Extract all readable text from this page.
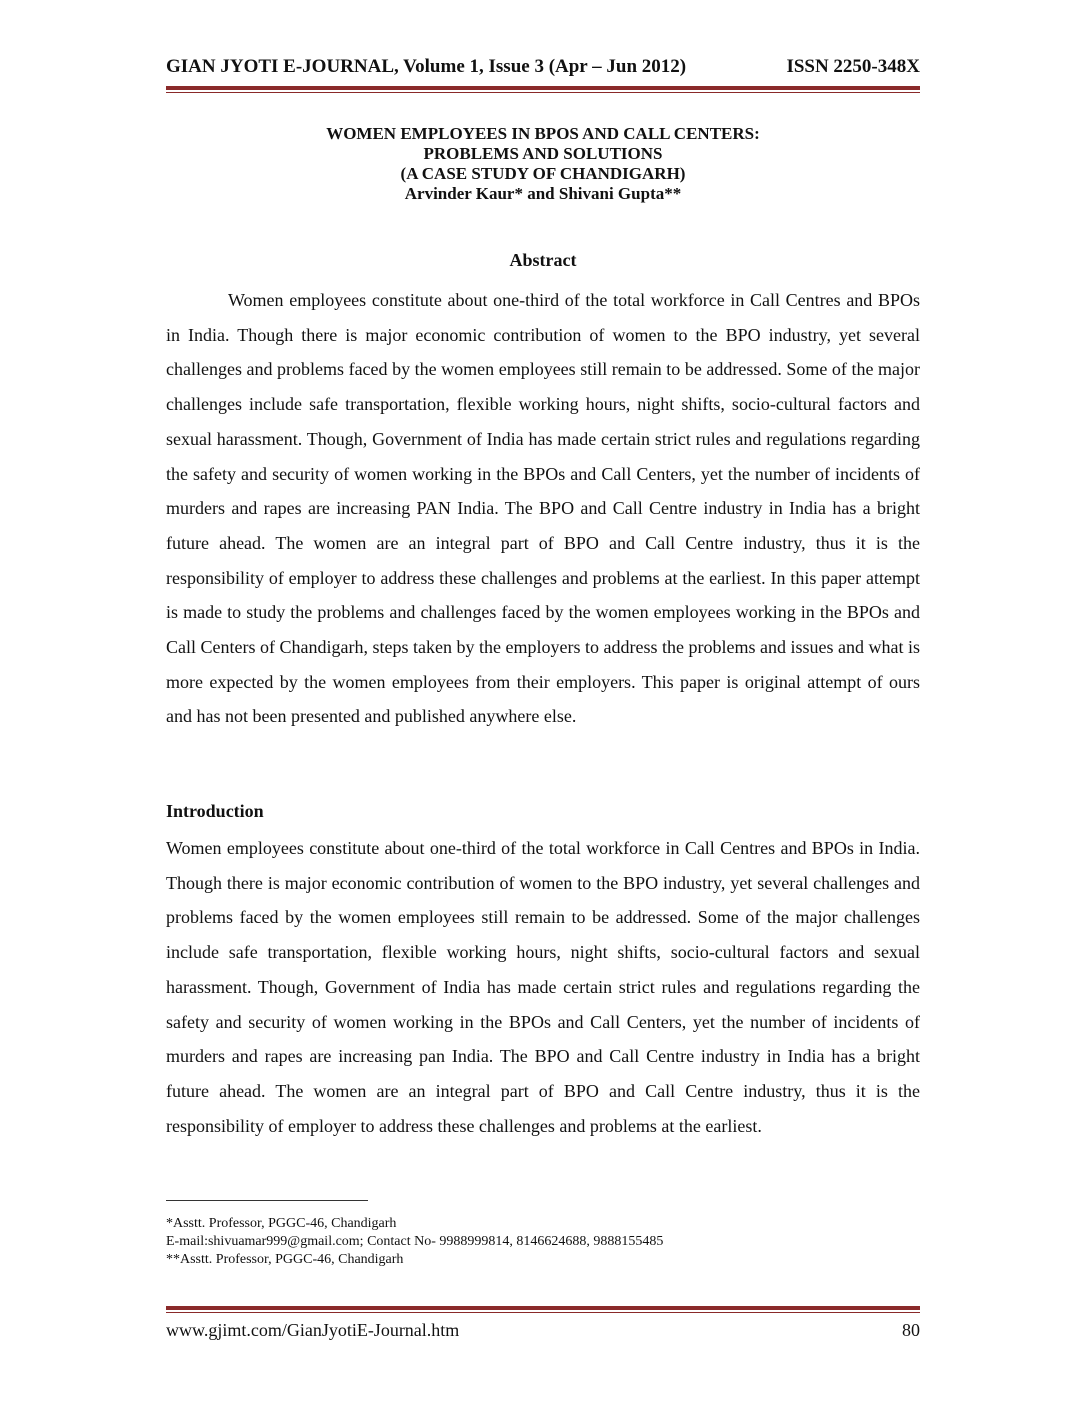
GIAN JYOTI E-JOURNAL, Volume 1, Issue 3 (Apr – Jun 2012)	ISSN 2250-348X
WOMEN EMPLOYEES IN BPOS AND CALL CENTERS:
PROBLEMS AND SOLUTIONS
(A CASE STUDY OF CHANDIGARH)
Arvinder Kaur* and Shivani Gupta**
Abstract

Women employees constitute about one-third of the total workforce in Call Centres and BPOs in India. Though there is major economic contribution of women to the BPO industry, yet several challenges and problems faced by the women employees still remain to be addressed. Some of the major challenges include safe transportation, flexible working hours, night shifts, socio-cultural factors and sexual harassment. Though, Government of India has made certain strict rules and regulations regarding the safety and security of women working in the BPOs and Call Centers, yet the number of incidents of murders and rapes are increasing PAN India. The BPO and Call Centre industry in India has a bright future ahead. The women are an integral part of BPO and Call Centre industry, thus it is the responsibility of employer to address these challenges and problems at the earliest. In this paper attempt is made to study the problems and challenges faced by the women employees working in the BPOs and Call Centers of Chandigarh, steps taken by the employers to address the problems and issues and what is more expected by the women employees from their employers. This paper is original attempt of ours and has not been presented and published anywhere else.

Introduction

Women employees constitute about one-third of the total workforce in Call Centres and BPOs in India. Though there is major economic contribution of women to the BPO industry, yet several challenges and problems faced by the women employees still remain to be addressed. Some of the major challenges include safe transportation, flexible working hours, night shifts, socio-cultural factors and sexual harassment. Though, Government of India has made certain strict rules and regulations regarding the safety and security of women working in the BPOs and Call Centers, yet the number of incidents of murders and rapes are increasing pan India. The BPO and Call Centre industry in India has a bright future ahead. The women are an integral part of BPO and Call Centre industry, thus it is the responsibility of employer to address these challenges and problems at the earliest.

*Asstt. Professor, PGGC-46, Chandigarh
E-mail:shivuamar999@gmail.com; Contact No- 9988999814, 8146624688, 9888155485
**Asstt. Professor, PGGC-46, Chandigarh
www.gjimt.com/GianJyotiE-Journal.htm	80
